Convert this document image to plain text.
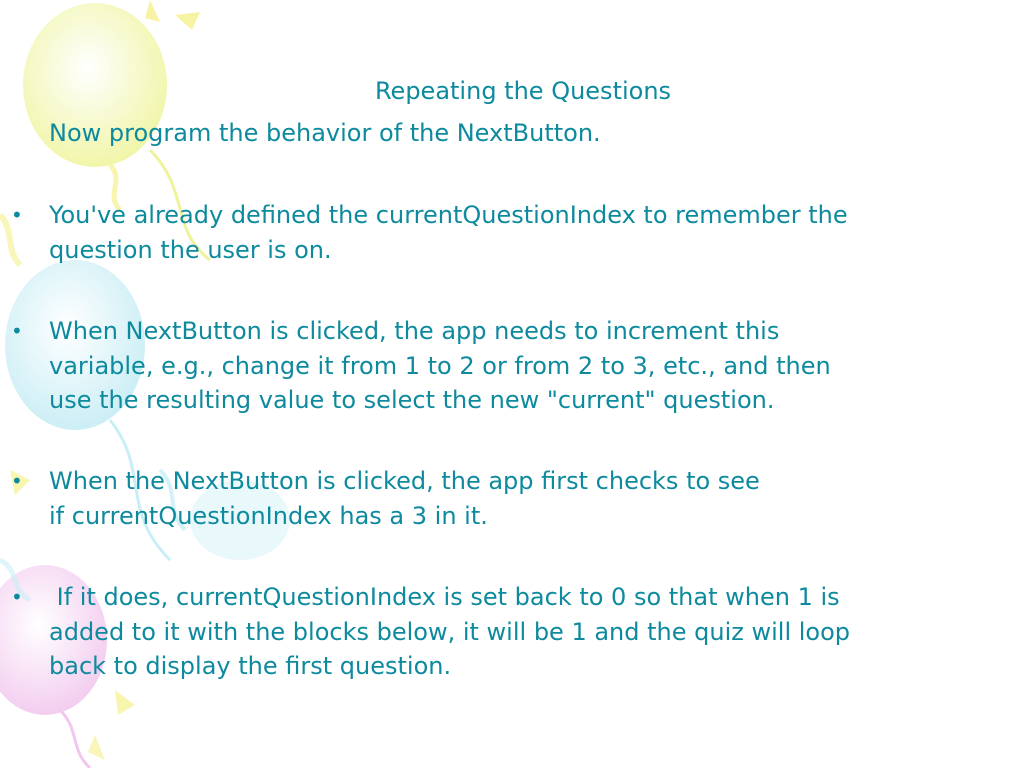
Repeating the Questions
Now program the behavior of the NextButton.
• You've already defined the currentQuestionIndex to remember the
question the user is on.
• When NextButton is clicked, the app needs to increment this
variable, e.g., change it from 1 to 2 or from 2 to 3, etc., and then
use the resulting value to select the new "current" question.
• When the NextButton is clicked, the app first checks to see
if currentQuestionIndex has a 3 in it.
• If it does, currentQuestionIndex is set back to 0 so that when 1 is
added to it with the blocks below, it will be 1 and the quiz will loop
back to display the first question.
